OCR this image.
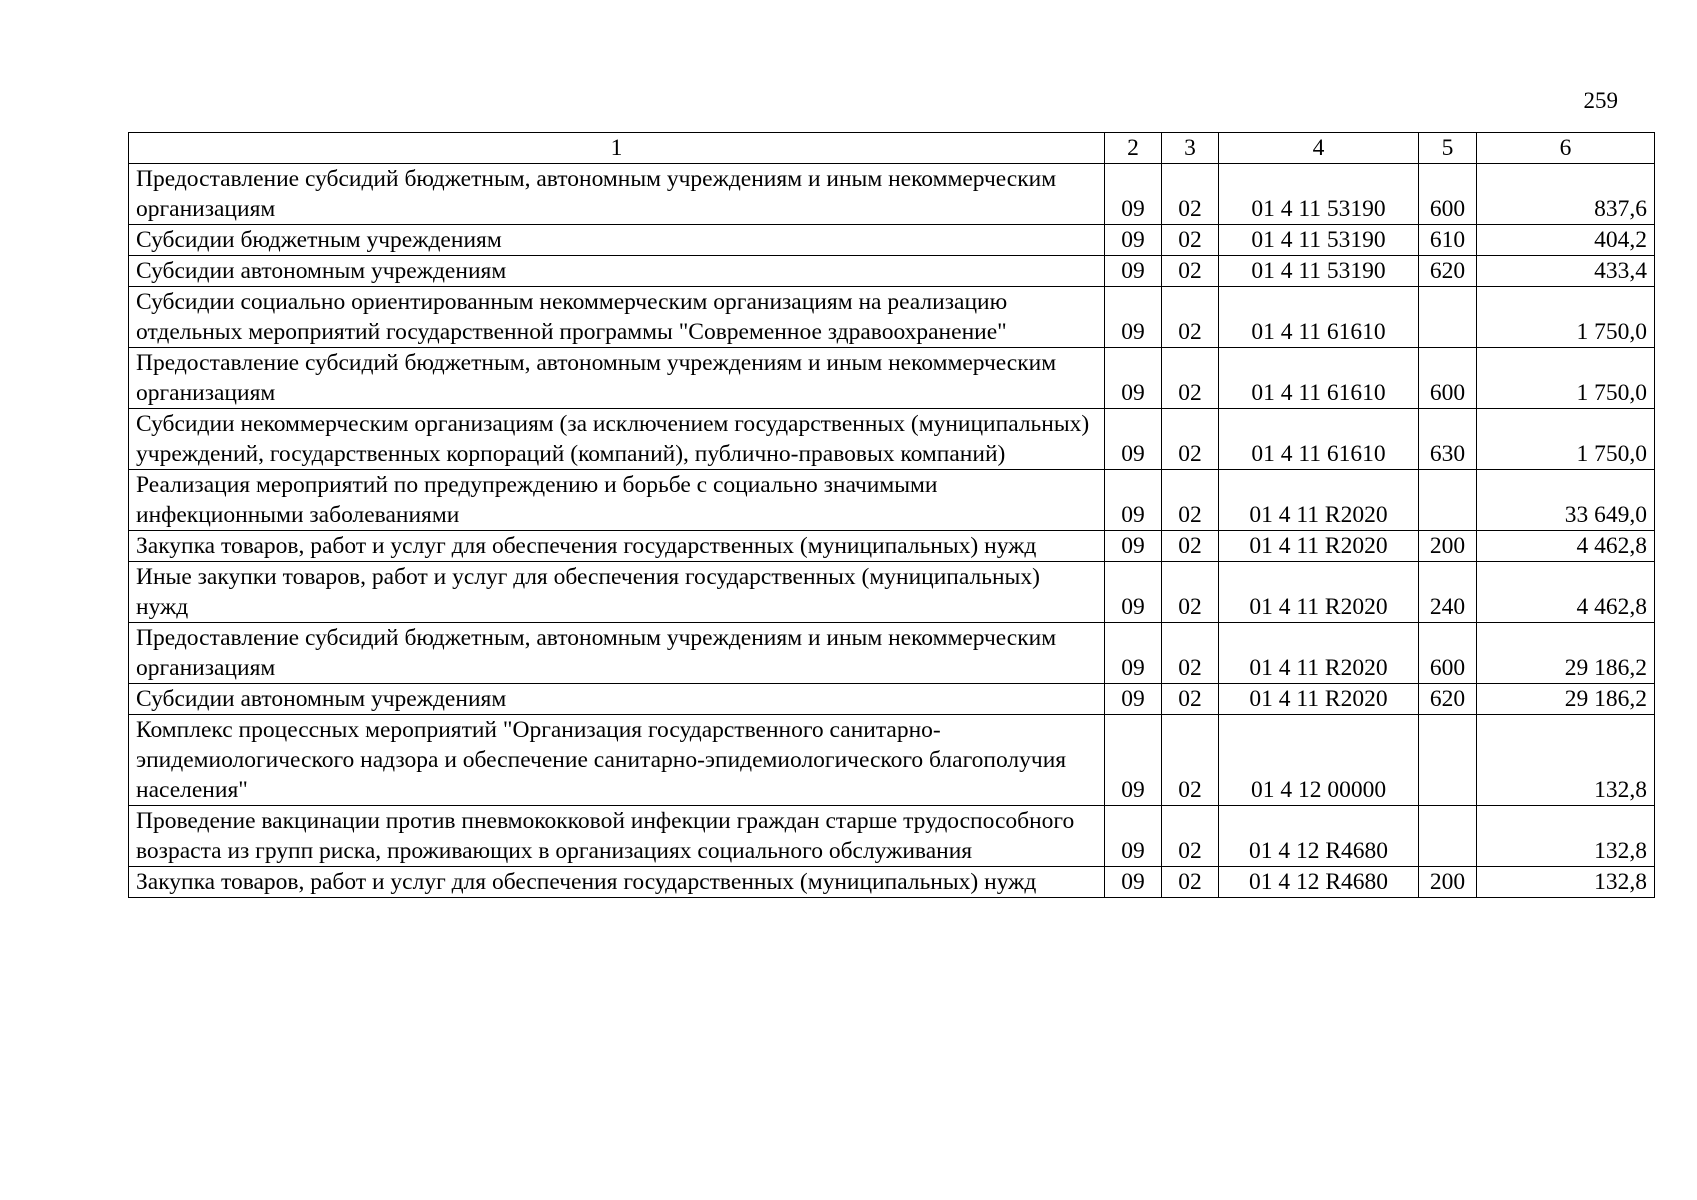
259
1	2	3	4	5	6
Предоставление субсидий бюджетным, автономным учреждениям и иным некоммерческим организациям	09	02	01 4 11 53190	600	837,6
Субсидии бюджетным учреждениям	09	02	01 4 11 53190	610	404,2
Субсидии автономным учреждениям	09	02	01 4 11 53190	620	433,4
Субсидии социально ориентированным некоммерческим организациям на реализацию отдельных мероприятий государственной программы "Современное здравоохранение"	09	02	01 4 11 61610		1 750,0
Предоставление субсидий бюджетным, автономным учреждениям и иным некоммерческим организациям	09	02	01 4 11 61610	600	1 750,0
Субсидии некоммерческим организациям (за исключением государственных (муниципальных) учреждений, государственных корпораций (компаний), публично-правовых компаний)	09	02	01 4 11 61610	630	1 750,0
Реализация мероприятий по предупреждению и борьбе с социально значимыми инфекционными заболеваниями	09	02	01 4 11 R2020		33 649,0
Закупка товаров, работ и услуг для обеспечения государственных (муниципальных) нужд	09	02	01 4 11 R2020	200	4 462,8
Иные закупки товаров, работ и услуг для обеспечения государственных (муниципальных) нужд	09	02	01 4 11 R2020	240	4 462,8
Предоставление субсидий бюджетным, автономным учреждениям и иным некоммерческим организациям	09	02	01 4 11 R2020	600	29 186,2
Субсидии автономным учреждениям	09	02	01 4 11 R2020	620	29 186,2
Комплекс процессных мероприятий "Организация государственного санитарно-эпидемиологического надзора и обеспечение санитарно-эпидемиологического благополучия населения"	09	02	01 4 12 00000		132,8
Проведение вакцинации против пневмококковой инфекции граждан старше трудоспособного возраста из групп риска, проживающих в организациях социального обслуживания	09	02	01 4 12 R4680		132,8
Закупка товаров, работ и услуг для обеспечения государственных (муниципальных) нужд	09	02	01 4 12 R4680	200	132,8
